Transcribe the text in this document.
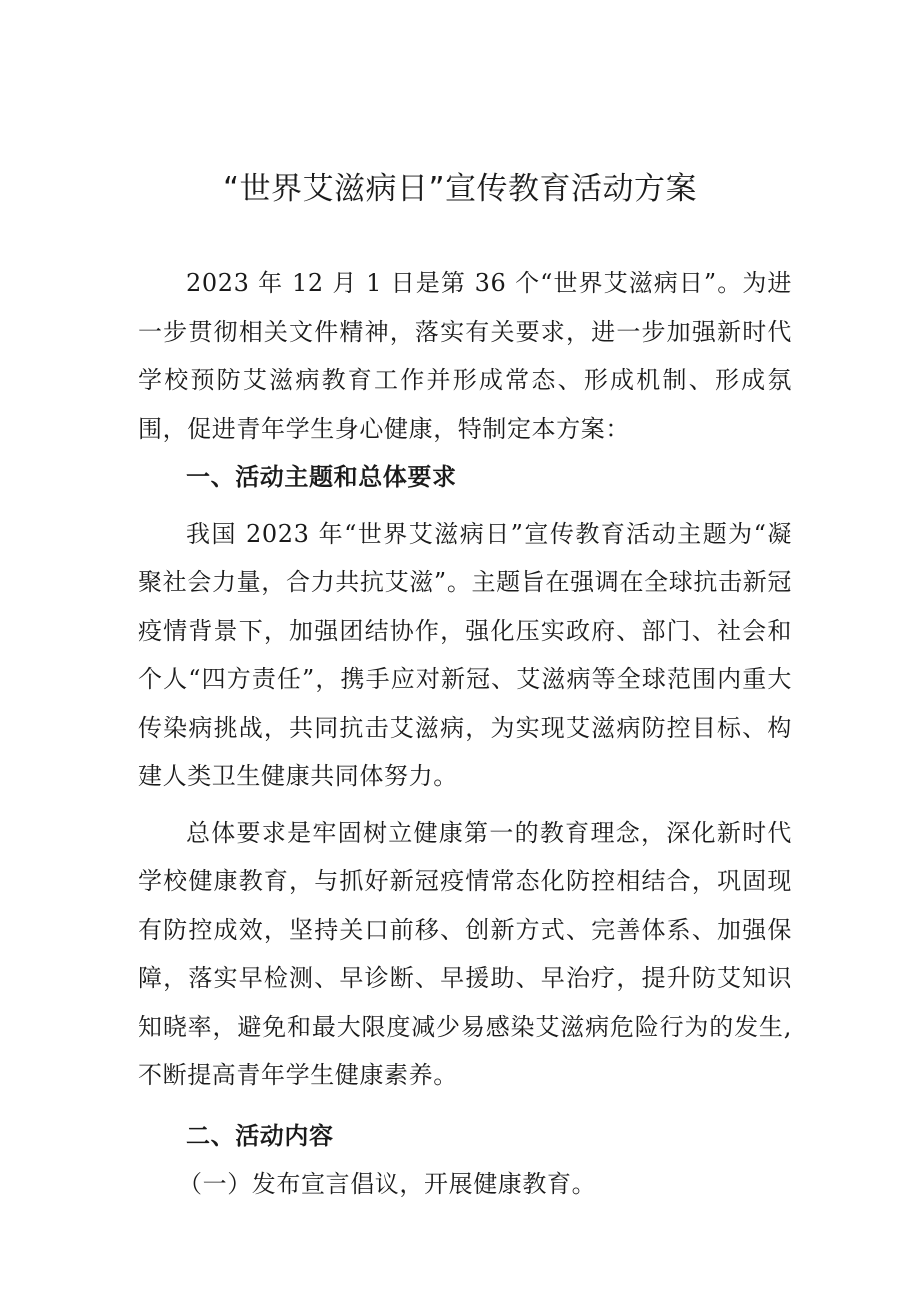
“世界艾滋病日”宣传教育活动方案

2023 年 12 月 1 日是第 36 个“世界艾滋病日”。为进一步贯彻相关文件精神，落实有关要求，进一步加强新时代学校预防艾滋病教育工作并形成常态、形成机制、形成氛围，促进青年学生身心健康，特制定本方案：

一、活动主题和总体要求

我国 2023 年“世界艾滋病日”宣传教育活动主题为“凝聚社会力量，合力共抗艾滋”。主题旨在强调在全球抗击新冠疫情背景下，加强团结协作，强化压实政府、部门、社会和个人“四方责任”，携手应对新冠、艾滋病等全球范围内重大传染病挑战，共同抗击艾滋病，为实现艾滋病防控目标、构建人类卫生健康共同体努力。

总体要求是牢固树立健康第一的教育理念，深化新时代学校健康教育，与抓好新冠疫情常态化防控相结合，巩固现有防控成效，坚持关口前移、创新方式、完善体系、加强保障，落实早检测、早诊断、早援助、早治疗，提升防艾知识知晓率，避免和最大限度减少易感染艾滋病危险行为的发生,不断提高青年学生健康素养。

二、活动内容

（一）发布宣言倡议，开展健康教育。
